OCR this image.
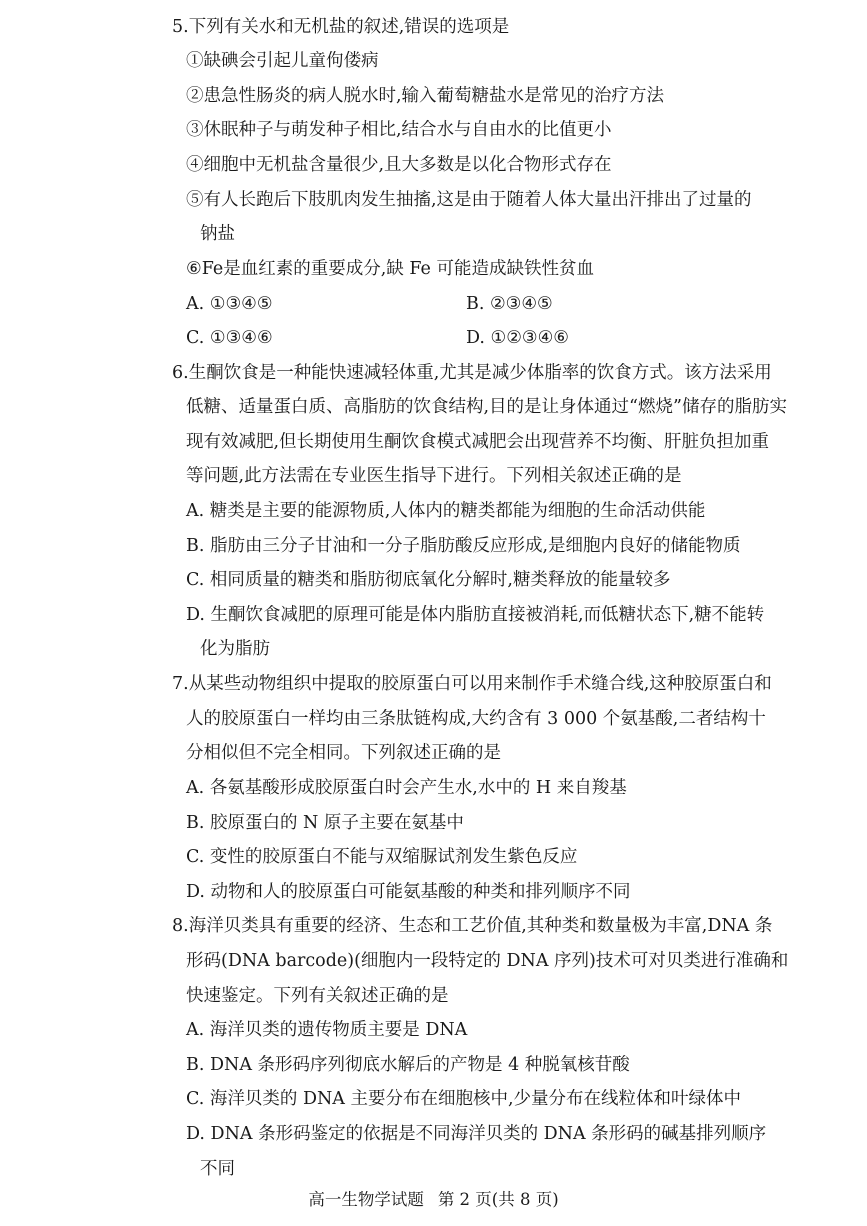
5.下列有关水和无机盐的叙述,错误的选项是
①缺碘会引起儿童佝偻病
②患急性肠炎的病人脱水时,输入葡萄糖盐水是常见的治疗方法
③休眠种子与萌发种子相比,结合水与自由水的比值更小
④细胞中无机盐含量很少,且大多数是以化合物形式存在
⑤有人长跑后下肢肌肉发生抽搐,这是由于随着人体大量出汗排出了过量的
钠盐
⑥Fe是血红素的重要成分,缺 Fe 可能造成缺铁性贫血
A. ①③④⑤	B. ②③④⑤
C. ①③④⑥	D. ①②③④⑥
6.生酮饮食是一种能快速减轻体重,尤其是减少体脂率的饮食方式。该方法采用
低糖、适量蛋白质、高脂肪的饮食结构,目的是让身体通过“燃烧”储存的脂肪实
现有效减肥,但长期使用生酮饮食模式减肥会出现营养不均衡、肝脏负担加重
等问题,此方法需在专业医生指导下进行。下列相关叙述正确的是
A. 糖类是主要的能源物质,人体内的糖类都能为细胞的生命活动供能
B. 脂肪由三分子甘油和一分子脂肪酸反应形成,是细胞内良好的储能物质
C. 相同质量的糖类和脂肪彻底氧化分解时,糖类释放的能量较多
D. 生酮饮食减肥的原理可能是体内脂肪直接被消耗,而低糖状态下,糖不能转
化为脂肪
7.从某些动物组织中提取的胶原蛋白可以用来制作手术缝合线,这种胶原蛋白和
人的胶原蛋白一样均由三条肽链构成,大约含有 3 000 个氨基酸,二者结构十
分相似但不完全相同。下列叙述正确的是
A. 各氨基酸形成胶原蛋白时会产生水,水中的 H 来自羧基
B. 胶原蛋白的 N 原子主要在氨基中
C. 变性的胶原蛋白不能与双缩脲试剂发生紫色反应
D. 动物和人的胶原蛋白可能氨基酸的种类和排列顺序不同
8.海洋贝类具有重要的经济、生态和工艺价值,其种类和数量极为丰富,DNA 条
形码(DNA barcode)(细胞内一段特定的 DNA 序列)技术可对贝类进行准确和
快速鉴定。下列有关叙述正确的是
A. 海洋贝类的遗传物质主要是 DNA
B. DNA 条形码序列彻底水解后的产物是 4 种脱氧核苷酸
C. 海洋贝类的 DNA 主要分布在细胞核中,少量分布在线粒体和叶绿体中
D. DNA 条形码鉴定的依据是不同海洋贝类的 DNA 条形码的碱基排列顺序
不同
高一生物学试题 第 2 页(共 8 页)
